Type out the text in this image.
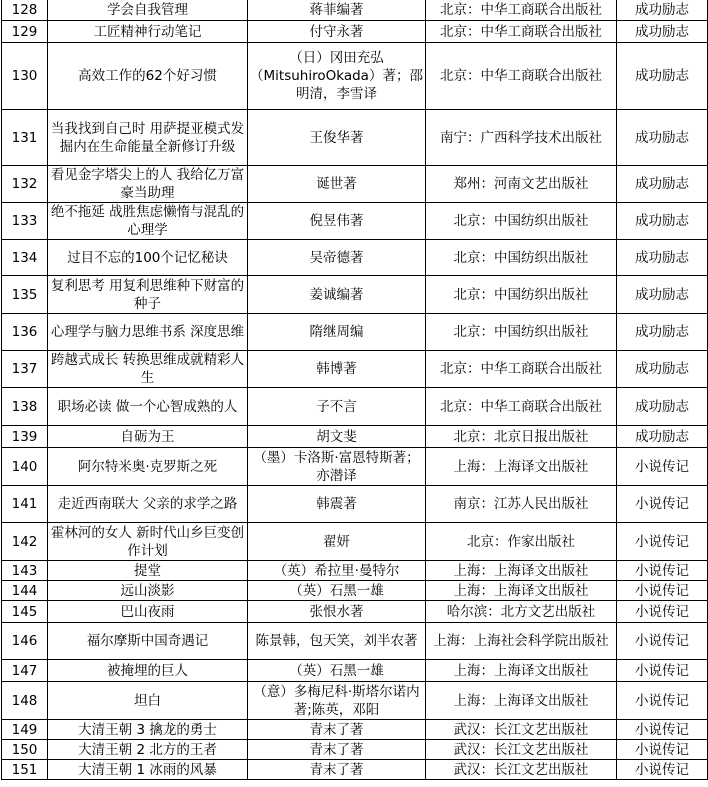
128	学会自我管理	蒋菲编著	北京：中华工商联合出版社	成功励志
129	工匠精神行动笔记	付守永著	北京：中华工商联合出版社	成功励志
130	高效工作的62个好习惯	（日）冈田充弘（MitsuhiroOkada）著；邵明清，李雪译	北京：中华工商联合出版社	成功励志
131	当我找到自己时 用萨提亚模式发掘内在生命能量全新修订升级	王俊华著	南宁：广西科学技术出版社	成功励志
132	看见金字塔尖上的人 我给亿万富豪当助理	诞世著	郑州：河南文艺出版社	成功励志
133	绝不拖延 战胜焦虑懒惰与混乱的心理学	倪昱伟著	北京：中国纺织出版社	成功励志
134	过目不忘的100个记忆秘诀	吴帝德著	北京：中国纺织出版社	成功励志
135	复利思考 用复利思维种下财富的种子	姜诚编著	北京：中国纺织出版社	成功励志
136	心理学与脑力思维书系 深度思维	隋继周编	北京：中国纺织出版社	成功励志
137	跨越式成长 转换思维成就精彩人生	韩博著	北京：中华工商联合出版社	成功励志
138	职场必读 做一个心智成熟的人	子不言	北京：中华工商联合出版社	成功励志
139	自砺为王	胡文斐	北京：北京日报出版社	成功励志
140	阿尔特米奥·克罗斯之死	（墨）卡洛斯·富恩特斯著；亦潜译	上海：上海译文出版社	小说传记
141	走近西南联大 父亲的求学之路	韩震著	南京：江苏人民出版社	小说传记
142	霍林河的女人 新时代山乡巨变创作计划	翟妍	北京：作家出版社	小说传记
143	提堂	（英）希拉里·曼特尔	上海：上海译文出版社	小说传记
144	远山淡影	（英）石黑一雄	上海：上海译文出版社	小说传记
145	巴山夜雨	张恨水著	哈尔滨：北方文艺出版社	小说传记
146	福尔摩斯中国奇遇记	陈景韩，包天笑，刘半农著	上海：上海社会科学院出版社	小说传记
147	被掩埋的巨人	（英）石黑一雄	上海：上海译文出版社	小说传记
148	坦白	（意）多梅尼科·斯塔尔诺内著;陈英，邓阳	上海：上海译文出版社	小说传记
149	大清王朝 3 擒龙的勇士	青末了著	武汉：长江文艺出版社	小说传记
150	大清王朝 2 北方的王者	青末了著	武汉：长江文艺出版社	小说传记
151	大清王朝 1 冰雨的风暴	青末了著	武汉：长江文艺出版社	小说传记
